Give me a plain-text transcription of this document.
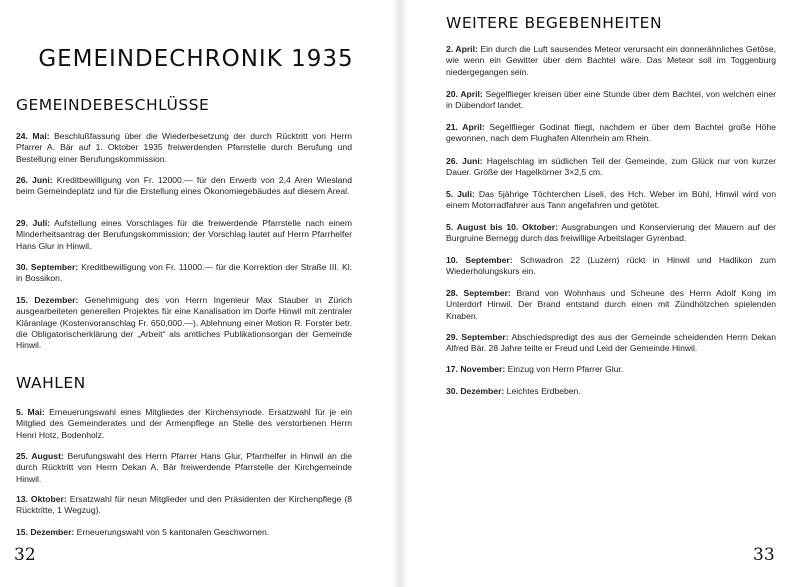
GEMEINDECHRONIK 1935
GEMEINDEBESCHLÜSSE
24. Mai: Beschlußfassung über die Wiederbesetzung der durch Rücktritt von Herrn Pfarrer A. Bär auf 1. Oktober 1935 freiwerdenden Pfarrstelle durch Berufung und Bestellung einer Berufungskommission.
26. Juni: Kreditbewilligung von Fr. 12000.— für den Erwerb von 2,4 Aren Wiesland beim Gemeindeplatz und für die Erstellung eines Ökonomiegebäudes auf diesem Areal.
29. Juli: Aufstellung eines Vorschlages für die freiwerdende Pfarrstelle nach einem Minderheitsantrag der Berufungskommission; der Vorschlag lautet auf Herrn Pfarrhelfer Hans Glur in Hinwil.
30. September: Kreditbewilligung von Fr. 11000.— für die Korrektion der Straße III. Kl. in Bossikon.
15. Dezember: Genehmigung des von Herrn Ingenieur Max Stauber in Zürich ausgearbeiteten generellen Projektes für eine Kanalisation im Dorfe Hinwil mit zentraler Kläranlage (Kostenvoranschlag Fr. 650,000.—). Ablehnung einer Motion R. Forster betr. die Obligatorischerklärung der „Arbeit“ als amtliches Publikationsorgan der Gemeinde Hinwil.
WAHLEN
5. Mai: Erneuerungswahl eines Mitgliedes der Kirchensynode. Ersatzwahl für je ein Mitglied des Gemeinderates und der Armenpflege an Stelle des verstorbenen Herrn Henri Hotz, Bodenholz.
25. August: Berufungswahl des Herrn Pfarrer Hans Glur, Pfarrhelfer in Hinwil an die durch Rücktritt von Herrn Dekan A. Bär freiwerdende Pfarrstelle der Kirchgemeinde Hinwil.
13. Oktober: Ersatzwahl für neun Mitglieder und den Präsidenten der Kirchenpflege (8 Rücktritte, 1 Wegzug).
15. Dezember: Erneuerungswahl von 5 kantonalen Geschwornen.
32
WEITERE BEGEBENHEITEN
2. April: Ein durch die Luft sausendes Meteor verursacht ein donnerähnliches Getöse, wie wenn ein Gewitter über dem Bachtel wäre. Das Meteor soll im Toggenburg niedergegangen sein.
20. April: Segelflieger kreisen über eine Stunde über dem Bachtel, von welchen einer in Dübendorf landet.
21. April: Segelflieger Godinat fliegt, nachdem er über dem Bachtel große Höhe gewonnen, nach dem Flughafen Altenrhein am Rhein.
26. Juni: Hagelschlag im südlichen Teil der Gemeinde, zum Glück nur von kurzer Dauer. Größe der Hagelkörner 3×2,5 cm.
5. Juli: Das 5jährige Töchterchen Liseli, des Hch. Weber im Bühl, Hinwil wird von einem Motorradfahrer aus Tann angefahren und getötet.
5. August bis 10. Oktober: Ausgrabungen und Konservierung der Mauern auf der Burgruine Bernegg durch das freiwillige Arbeitslager Gyrenbad.
10. September: Schwadron 22 (Luzern) rückt in Hinwil und Hadlikon zum Wiederholungskurs ein.
28. September: Brand von Wohnhaus und Scheune des Herrn Adolf Kong im Unterdorf Hinwil. Der Brand entstand durch einen mit Zündhölzchen spielenden Knaben.
29. September: Abschiedspredigt des aus der Gemeinde scheidenden Herrn Dekan Alfred Bär. 28 Jahre teilte er Freud und Leid der Gemeinde Hinwil.
17. November: Einzug von Herrn Pfarrer Glur.
30. Dezember: Leichtes Erdbeben.
33
